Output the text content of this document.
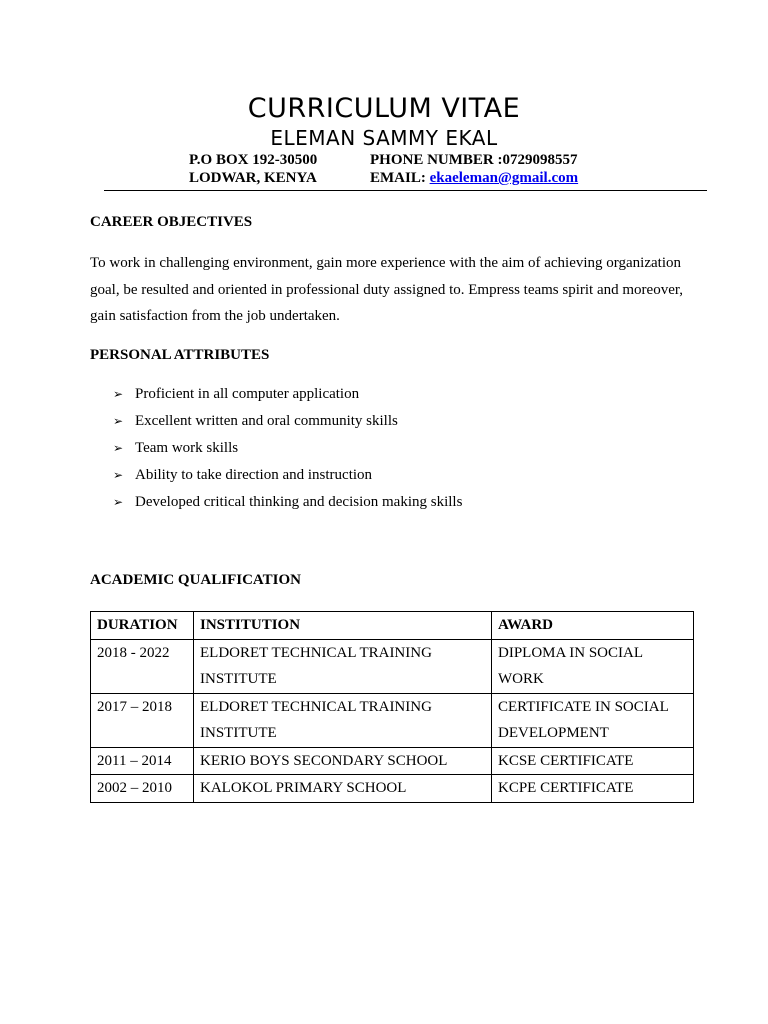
CURRICULUM VITAE
ELEMAN SAMMY EKAL
P.O BOX 192-30500
LODWAR, KENYA
PHONE NUMBER :0729098557
EMAIL: ekaeleman@gmail.com
CAREER OBJECTIVES
To work in challenging environment, gain more experience with the aim of achieving organization goal, be resulted and oriented in professional duty assigned to. Empress teams spirit and moreover, gain satisfaction from the job undertaken.
PERSONAL ATTRIBUTES
➢ Proficient in all computer application
➢ Excellent written and oral community skills
➢ Team work skills
➢ Ability to take direction and instruction
➢ Developed critical thinking and decision making skills
ACADEMIC QUALIFICATION
DURATION	INSTITUTION	AWARD
2018 - 2022	ELDORET TECHNICAL TRAINING INSTITUTE	DIPLOMA IN SOCIAL WORK
2017 – 2018	ELDORET TECHNICAL TRAINING INSTITUTE	CERTIFICATE IN SOCIAL DEVELOPMENT
2011 – 2014	KERIO BOYS SECONDARY SCHOOL	KCSE CERTIFICATE
2002 – 2010	KALOKOL PRIMARY SCHOOL	KCPE CERTIFICATE
